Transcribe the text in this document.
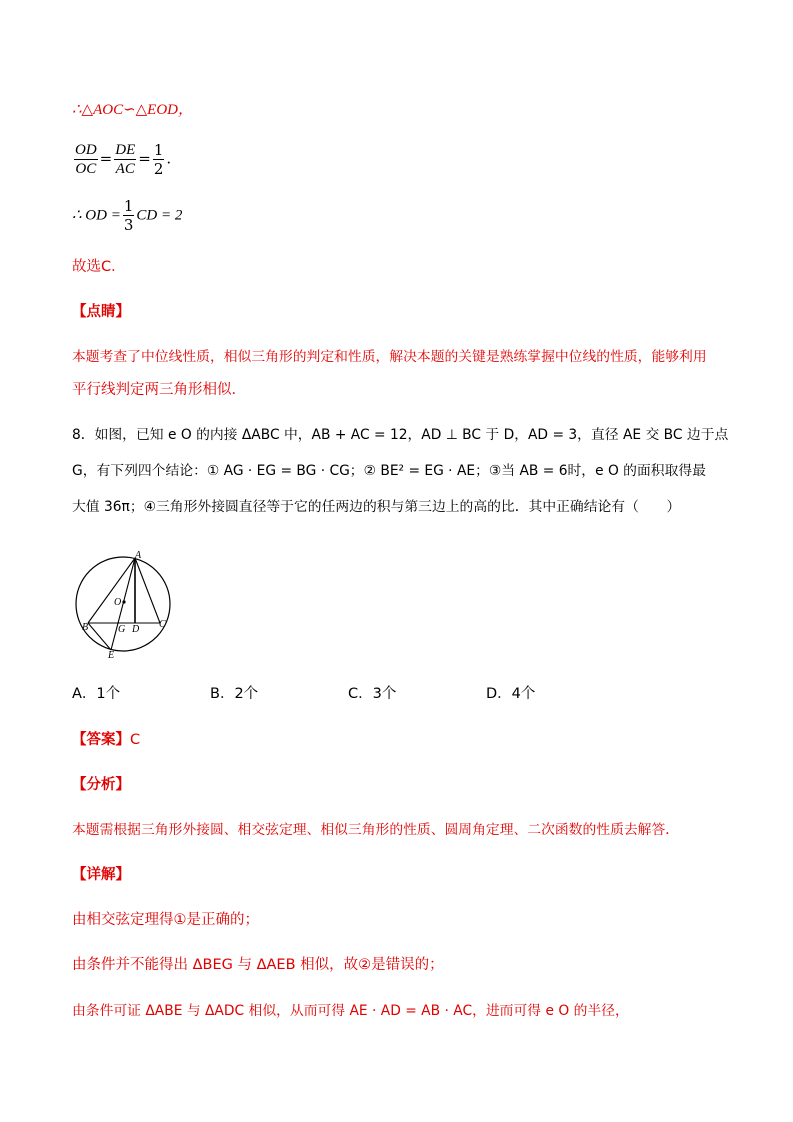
∴△AOC∽△EOD，
$\frac{OD}{OC} = \frac{DE}{AC} = \frac{1}{2}$ .
∴ OD = $\frac{1}{3}$ CD = 2
故选C．
【点睛】
本题考查了中位线性质，相似三角形的判定和性质，解决本题的关键是熟练掌握中位线的性质，能够利用
平行线判定两三角形相似．
8．如图，已知 e O 的内接 ΔABC 中，AB + AC = 12，AD ⊥ BC 于 D，AD = 3，直径 AE 交 BC 边于点
G，有下列四个结论：① AG · EG = BG · CG；② BE² = EG · AE；③当 AB = 6时，e O 的面积取得最
大值 36π；④三角形外接圆直径等于它的任两边的积与第三边上的高的比．其中正确结论有（　　）
A
O
B	G D C
E
A．1个	B．2个	C．3个	D．4个
【答案】C
【分析】
本题需根据三角形外接圆、相交弦定理、相似三角形的性质、圆周角定理、二次函数的性质去解答．
【详解】
由相交弦定理得①是正确的；
由条件并不能得出 ΔBEG 与 ΔAEB 相似，故②是错误的；
由条件可证 ΔABE 与 ΔADC 相似，从而可得 AE · AD = AB · AC，进而可得 e O 的半径，
